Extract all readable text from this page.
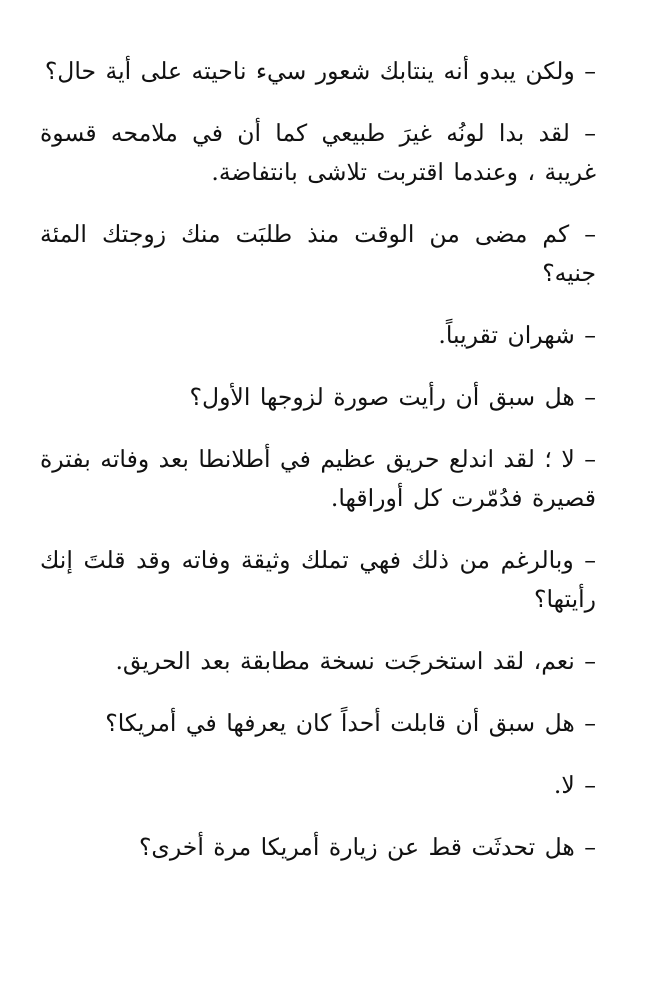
– ولكن يبدو أنه ينتابك شعور سيء ناحيته على أية حال؟

– لقد بدا لونُه غيرَ طبيعي كما أن في ملامحه قسوة غريبة ، وعندما اقتربت تلاشى بانتفاضة.

– كم مضى من الوقت منذ طلبَت منك زوجتك المئة جنيه؟

– شهران تقريباً.

– هل سبق أن رأيت صورة لزوجها الأول؟

– لا ؛ لقد اندلع حريق عظيم في أطلانطا بعد وفاته بفترة قصيرة فدُمّرت كل أوراقها.

– وبالرغم من ذلك فهي تملك وثيقة وفاته وقد قلتَ إنك رأيتها؟

– نعم، لقد استخرجَت نسخة مطابقة بعد الحريق.

– هل سبق أن قابلت أحداً كان يعرفها في أمريكا؟

– لا.

– هل تحدثَت قط عن زيارة أمريكا مرة أخرى؟
